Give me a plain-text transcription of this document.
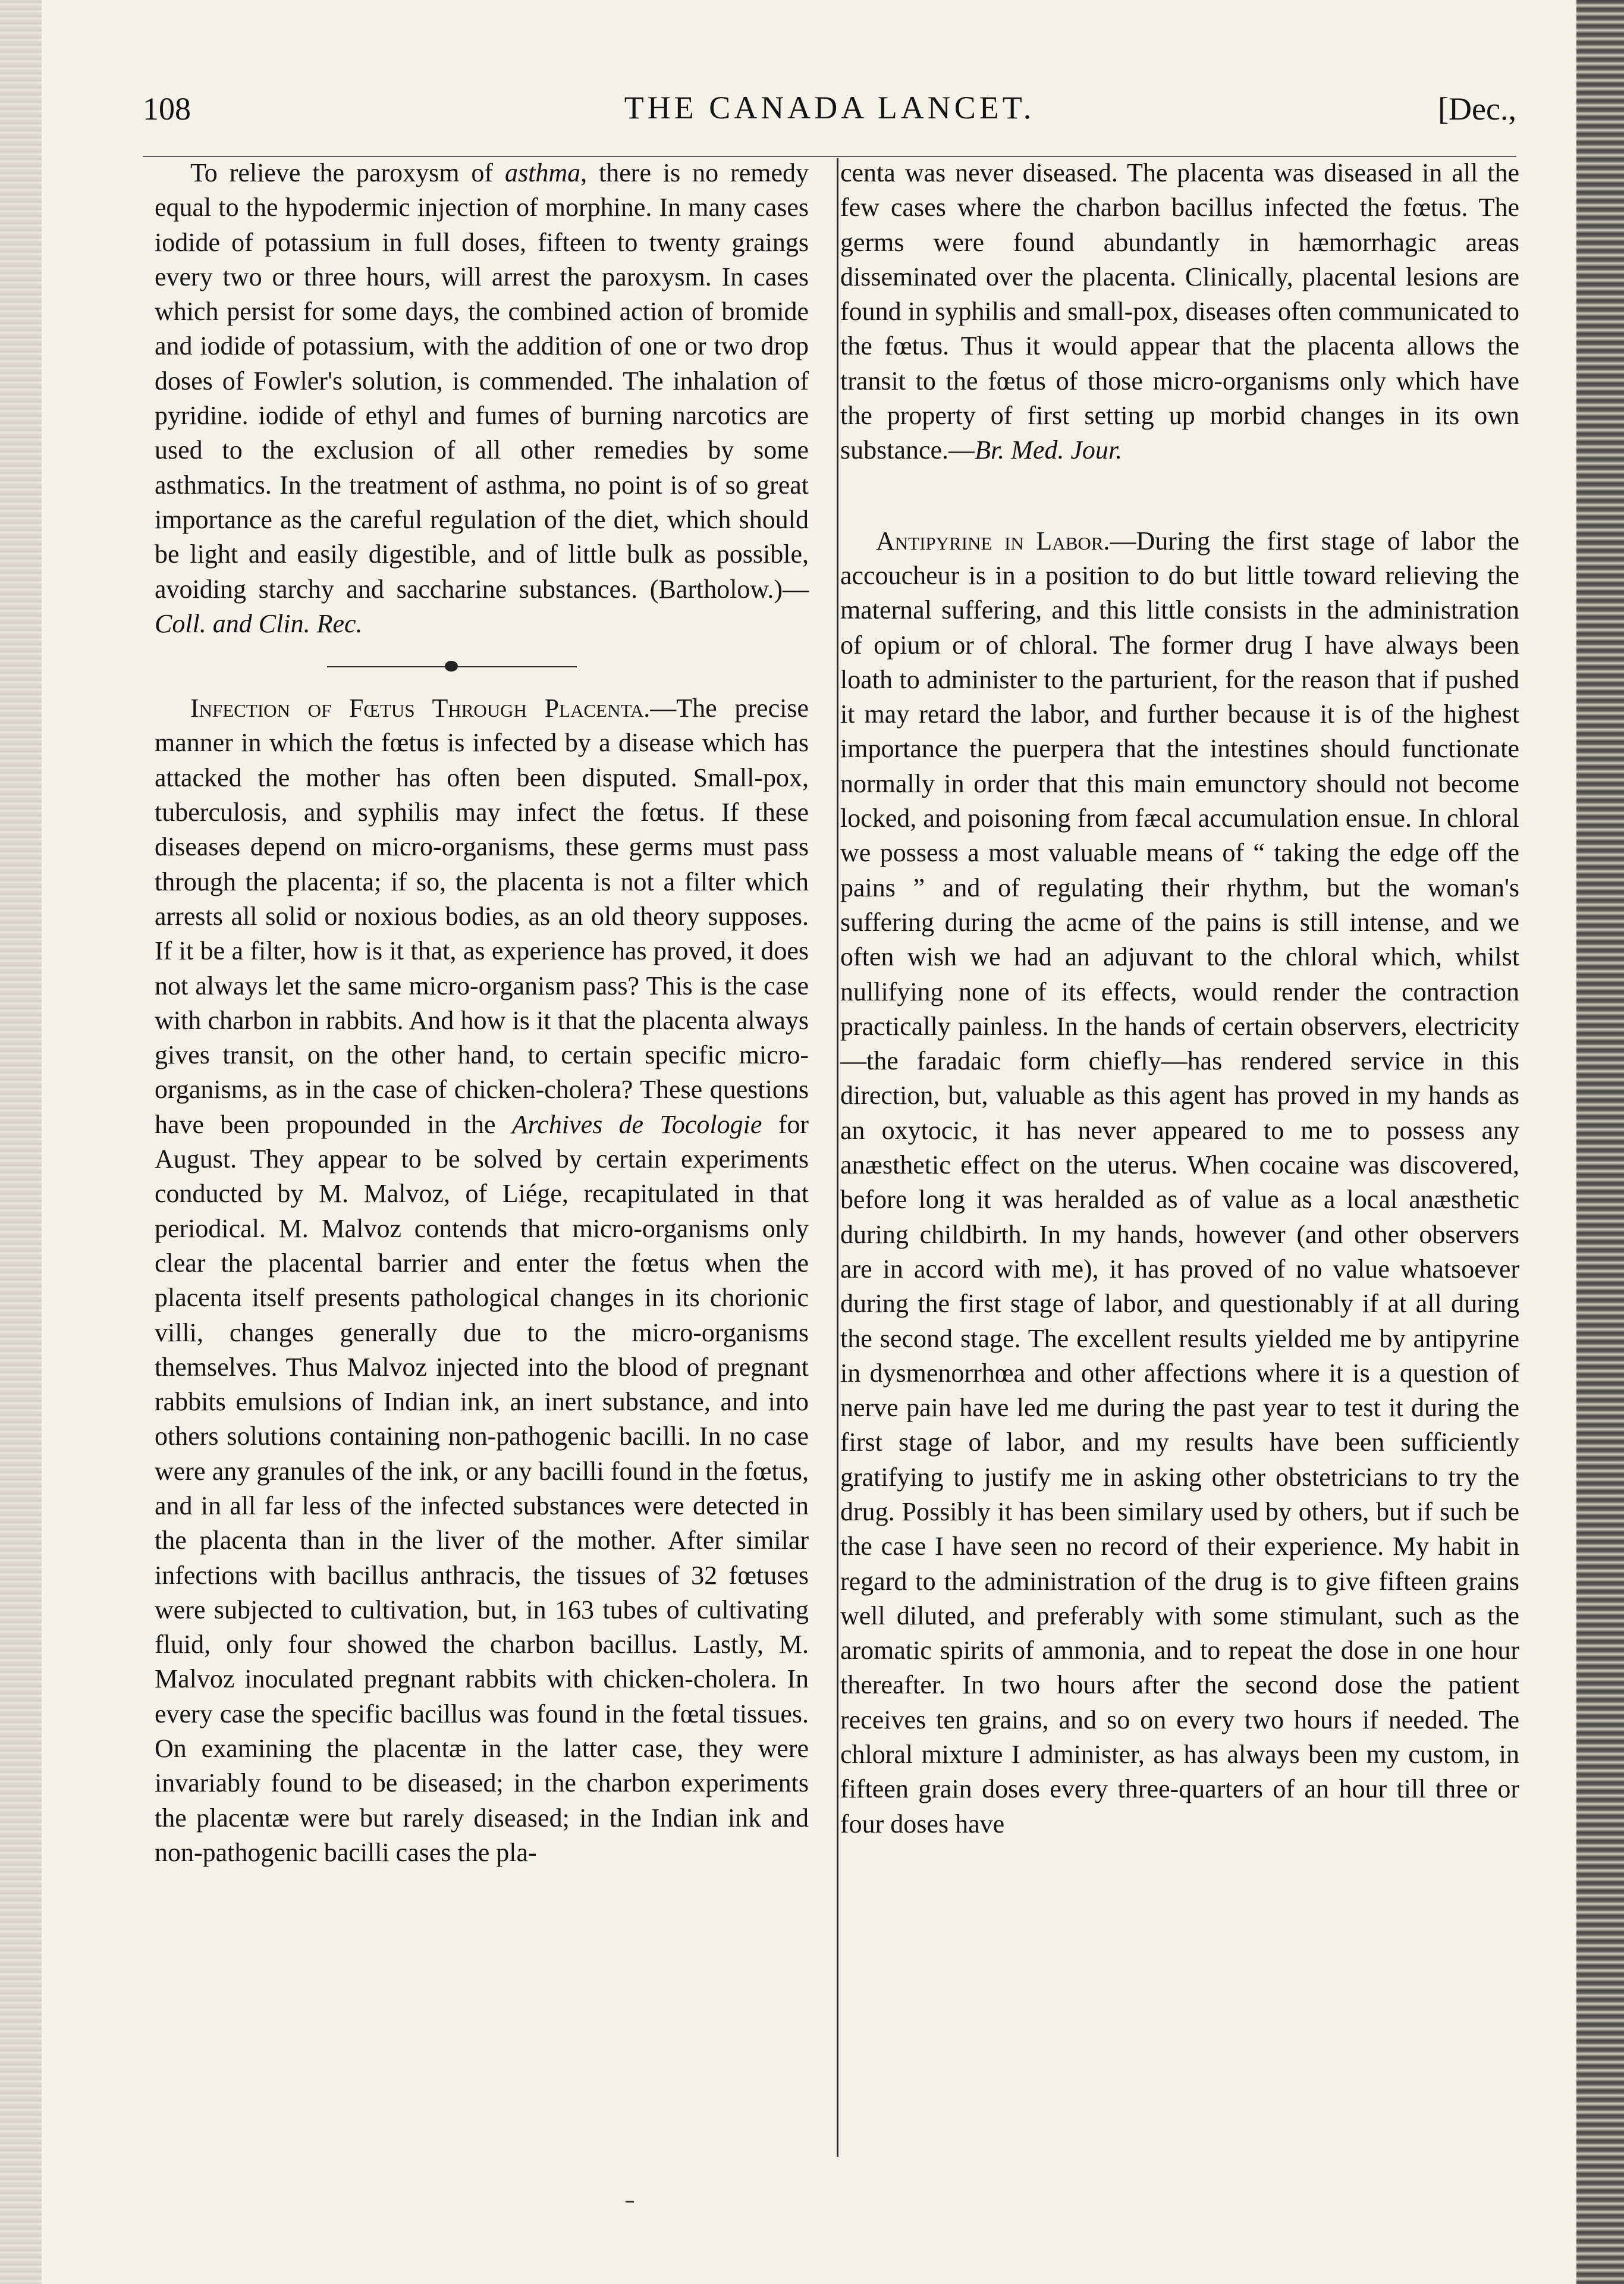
108	THE CANADA LANCET.	[Dec.,

To relieve the paroxysm of asthma, there is no remedy equal to the hypodermic injection of morphine. In many cases iodide of potassium in full doses, fifteen to twenty graings every two or three hours, will arrest the paroxysm. In cases which persist for some days, the combined action of bromide and iodide of potassium, with the addition of one or two drop doses of Fowler's solution, is commended. The inhalation of pyridine. iodide of ethyl and fumes of burning narcotics are used to the exclusion of all other remedies by some asthmatics. In the treatment of asthma, no point is of so great importance as the careful regulation of the diet, which should be light and easily digestible, and of little bulk as possible, avoiding starchy and saccharine substances. (Bartholow.)—Coll. and Clin. Rec.

Infection of Fœtus Through Placenta.—The precise manner in which the fœtus is infected by a disease which has attacked the mother has often been disputed. Small-pox, tuberculosis, and syphilis may infect the fœtus. If these diseases depend on micro-organisms, these germs must pass through the placenta; if so, the placenta is not a filter which arrests all solid or noxious bodies, as an old theory supposes. If it be a filter, how is it that, as experience has proved, it does not always let the same micro-organism pass? This is the case with charbon in rabbits. And how is it that the placenta always gives transit, on the other hand, to certain specific micro-organisms, as in the case of chicken-cholera? These questions have been propounded in the Archives de Tocologie for August. They appear to be solved by certain experiments conducted by M. Malvoz, of Liége, recapitulated in that periodical. M. Malvoz contends that micro-organisms only clear the placental barrier and enter the fœtus when the placenta itself presents pathological changes in its chorionic villi, changes generally due to the micro-organisms themselves. Thus Malvoz injected into the blood of pregnant rabbits emulsions of Indian ink, an inert substance, and into others solutions containing non-pathogenic bacilli. In no case were any granules of the ink, or any bacilli found in the fœtus, and in all far less of the infected substances were detected in the placenta than in the liver of the mother. After similar infections with bacillus anthracis, the tissues of 32 fœtuses were subjected to cultivation, but, in 163 tubes of cultivating fluid, only four showed the charbon bacillus. Lastly, M. Malvoz inoculated pregnant rabbits with chicken-cholera. In every case the specific bacillus was found in the fœtal tissues. On examining the placentæ in the latter case, they were invariably found to be diseased; in the charbon experiments the placentæ were but rarely diseased; in the Indian ink and non-pathogenic bacilli cases the pla-

centa was never diseased. The placenta was diseased in all the few cases where the charbon bacillus infected the fœtus. The germs were found abundantly in hæmorrhagic areas disseminated over the placenta. Clinically, placental lesions are found in syphilis and small-pox, diseases often communicated to the fœtus. Thus it would appear that the placenta allows the transit to the fœtus of those micro-organisms only which have the property of first setting up morbid changes in its own substance.—Br. Med. Jour.

Antipyrine in Labor.—During the first stage of labor the accoucheur is in a position to do but little toward relieving the maternal suffering, and this little consists in the administration of opium or of chloral. The former drug I have always been loath to administer to the parturient, for the reason that if pushed it may retard the labor, and further because it is of the highest importance the puerpera that the intestines should functionate normally in order that this main emunctory should not become locked, and poisoning from fæcal accumulation ensue. In chloral we possess a most valuable means of “ taking the edge off the pains ” and of regulating their rhythm, but the woman's suffering during the acme of the pains is still intense, and we often wish we had an adjuvant to the chloral which, whilst nullifying none of its effects, would render the contraction practically painless. In the hands of certain observers, electricity—the faradaic form chiefly—has rendered service in this direction, but, valuable as this agent has proved in my hands as an oxytocic, it has never appeared to me to possess any anæsthetic effect on the uterus. When cocaine was discovered, before long it was heralded as of value as a local anæsthetic during childbirth. In my hands, however (and other observers are in accord with me), it has proved of no value whatsoever during the first stage of labor, and questionably if at all during the second stage. The excellent results yielded me by antipyrine in dysmenorrhœa and other affections where it is a question of nerve pain have led me during the past year to test it during the first stage of labor, and my results have been sufficiently gratifying to justify me in asking other obstetricians to try the drug. Possibly it has been similary used by others, but if such be the case I have seen no record of their experience. My habit in regard to the administration of the drug is to give fifteen grains well diluted, and preferably with some stimulant, such as the aromatic spirits of ammonia, and to repeat the dose in one hour thereafter. In two hours after the second dose the patient receives ten grains, and so on every two hours if needed. The chloral mixture I administer, as has always been my custom, in fifteen grain doses every three-quarters of an hour till three or four doses have
